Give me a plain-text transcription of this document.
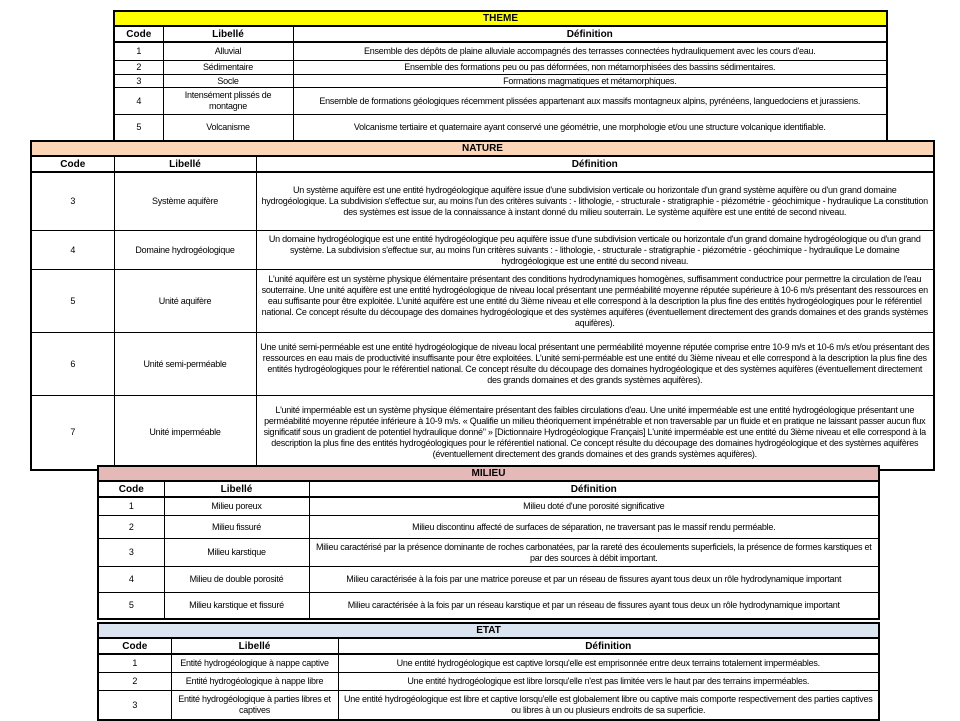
THEME		
Code	Libellé	Définition
1	Alluvial	Ensemble des dépôts de plaine alluviale accompagnés des terrasses connectées hydrauliquement avec les cours d'eau.
2	Sédimentaire	Ensemble des formations peu ou pas déformées, non métamorphisées des bassins sédimentaires.
3	Socle	Formations magmatiques et métamorphiques.
4	Intensément plissés de montagne	Ensemble de formations géologiques récemment plissées appartenant aux massifs montagneux alpins, pyrénéens, languedociens et jurassiens.
5	Volcanisme	Volcanisme tertiaire et quaternaire ayant conservé une géométrie, une morphologie et/ou une structure volcanique identifiable.
NATURE		
Code	Libellé	Définition
3	Système aquifère	Un système aquifère est une entité hydrogéologique aquifère issue d'une subdivision verticale ou horizontale d'un grand système aquifère ou d'un grand domaine hydrogéologique. La subdivision s'effectue sur, au moins l'un des critères suivants : - lithologie, - structurale - stratigraphie - piézométrie - géochimique - hydraulique La constitution des systèmes est issue de la connaissance à instant donné du milieu souterrain. Le système aquifère est une entité de second niveau.
4	Domaine hydrogéologique	Un domaine hydrogéologique est une entité hydrogéologique peu aquifère issue d'une subdivision verticale ou horizontale d'un grand domaine hydrogéologique ou d'un grand système. La subdivision s'effectue sur, au moins l'un critères suivants : - lithologie, - structurale - stratigraphie - piézométrie - géochimique - hydraulique Le domaine hydrogéologique est une entité du second niveau.
5	Unité aquifère	L'unité aquifère est un système physique élémentaire présentant des conditions hydrodynamiques homogènes, suffisamment conductrice pour permettre la circulation de l'eau souterraine. Une unité aquifère est une entité hydrogéologique de niveau local présentant une perméabilité moyenne réputée supérieure à 10-6 m/s présentant des ressources en eau suffisante pour être exploitée. L'unité aquifère est une entité du 3ième niveau et elle correspond à la description la plus fine des entités hydrogéologiques pour le référentiel national. Ce concept résulte du découpage des domaines hydrogéologique et des systèmes aquifères (éventuellement directement des grands domaines et des grands systèmes aquifères).
6	Unité semi-perméable	Une unité semi-perméable est une entité hydrogéologique de niveau local présentant une perméabilité moyenne réputée comprise entre 10-9 m/s et 10-6 m/s et/ou présentant des ressources en eau mais de productivité insuffisante pour être exploitées. L'unité semi-perméable est une entité du 3ième niveau et elle correspond à la description la plus fine des entités hydrogéologiques pour le référentiel national. Ce concept résulte du découpage des domaines hydrogéologique et des systèmes aquifères (éventuellement directement des grands domaines et des grands systèmes aquifères).
7	Unité imperméable	L'unité imperméable est un système physique élémentaire présentant des faibles circulations d'eau. Une unité imperméable est une entité hydrogéologique présentant une perméabilité moyenne réputée inférieure à 10-9 m/s. « Qualifie un milieu théoriquement impénétrable et non traversable par un fluide et en pratique ne laissant passer aucun flux significatif sous un gradient de potentiel hydraulique donné" » [Dictionnaire Hydrogéologique Français] L'unité imperméable est une entité du 3ième niveau et elle correspond à la description la plus fine des entités hydrogéologiques pour le référentiel national. Ce concept résulte du découpage des domaines hydrogéologique et des systèmes aquifères (éventuellement directement des grands domaines et des grands systèmes aquifères).
MILIEU		
Code	Libellé	Définition
1	Milieu poreux	Milieu doté d'une porosité significative
2	Milieu fissuré	Milieu discontinu affecté de surfaces de séparation, ne traversant pas le massif rendu perméable.
3	Milieu karstique	Milieu caractérisé par la présence dominante de roches carbonatées, par la rareté des écoulements superficiels, la présence de formes karstiques et par des sources à débit important.
4	Milieu de double porosité	Milieu caractérisée à la fois par une matrice poreuse et par un réseau de fissures ayant tous deux un rôle hydrodynamique important
5	Milieu karstique et fissuré	Milieu caractérisée à la fois par un réseau karstique et par un réseau de fissures ayant tous deux un rôle hydrodynamique important
ETAT		
Code	Libellé	Définition
1	Entité hydrogéologique à nappe captive	Une entité hydrogéologique est captive lorsqu'elle est emprisonnée entre deux terrains totalement imperméables.
2	Entité hydrogéologique à nappe libre	Une entité hydrogéologique est libre lorsqu'elle n'est pas limitée vers le haut par des terrains imperméables.
3	Entité hydrogéologique à parties libres et captives	Une entité hydrogéologique est libre et captive lorsqu'elle est globalement libre ou captive mais comporte respectivement des parties captives ou libres à un ou plusieurs endroits de sa superficie.
